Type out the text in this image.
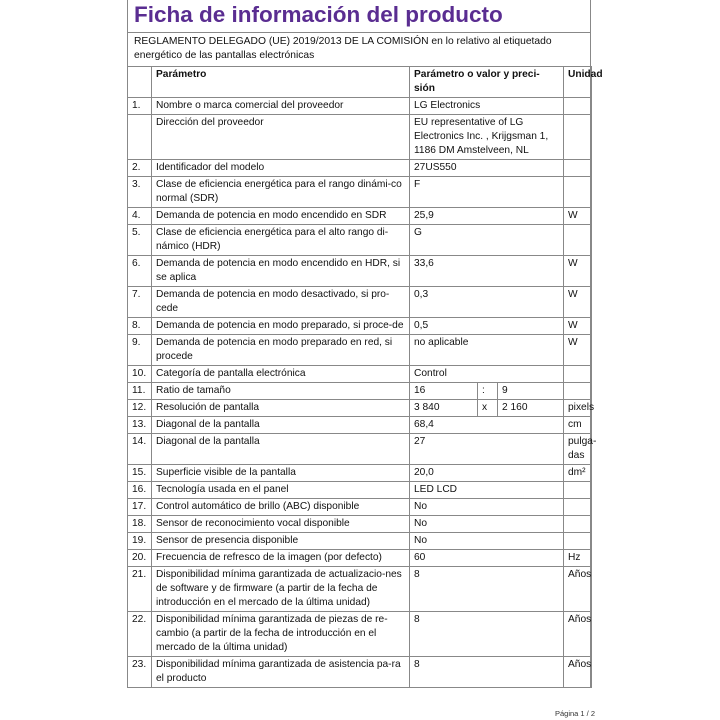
Ficha de información del producto
REGLAMENTO DELEGADO (UE) 2019/2013 DE LA COMISIÓN en lo relativo al etiquetado energético de las pantallas electrónicas
	Parámetro	Parámetro o valor y preci-sión			Unidad
1.	Nombre o marca comercial del proveedor	LG Electronics			
	Dirección del proveedor	EU representative of LG Electronics Inc. , Krijgsman 1, 1186 DM Amstelveen, NL			
2.	Identificador del modelo	27US550			
3.	Clase de eficiencia energética para el rango dinámi-co normal (SDR)	F			
4.	Demanda de potencia en modo encendido en SDR	25,9			W
5.	Clase de eficiencia energética para el alto rango di-námico (HDR)	G			
6.	Demanda de potencia en modo encendido en HDR, si se aplica	33,6			W
7.	Demanda de potencia en modo desactivado, si pro-cede	0,3			W
8.	Demanda de potencia en modo preparado, si proce-de	0,5			W
9.	Demanda de potencia en modo preparado en red, si procede	no aplicable			W
10.	Categoría de pantalla electrónica	Control			
11.	Ratio de tamaño	16	:	9	
12.	Resolución de pantalla	3 840	x	2 160	pixels
13.	Diagonal de la pantalla	68,4			cm
14.	Diagonal de la pantalla	27			pulga-das
15.	Superficie visible de la pantalla	20,0			dm²
16.	Tecnología usada en el panel	LED LCD			
17.	Control automático de brillo (ABC) disponible	No			
18.	Sensor de reconocimiento vocal disponible	No			
19.	Sensor de presencia disponible	No			
20.	Frecuencia de refresco de la imagen (por defecto)	60			Hz
21.	Disponibilidad mínima garantizada de actualizacio-nes de software y de firmware (a partir de la fecha de introducción en el mercado de la última unidad)	8			Años
22.	Disponibilidad mínima garantizada de piezas de re-cambio (a partir de la fecha de introducción en el mercado de la última unidad)	8			Años
23.	Disponibilidad mínima garantizada de asistencia pa-ra el producto	8			Años
Página 1 / 2
